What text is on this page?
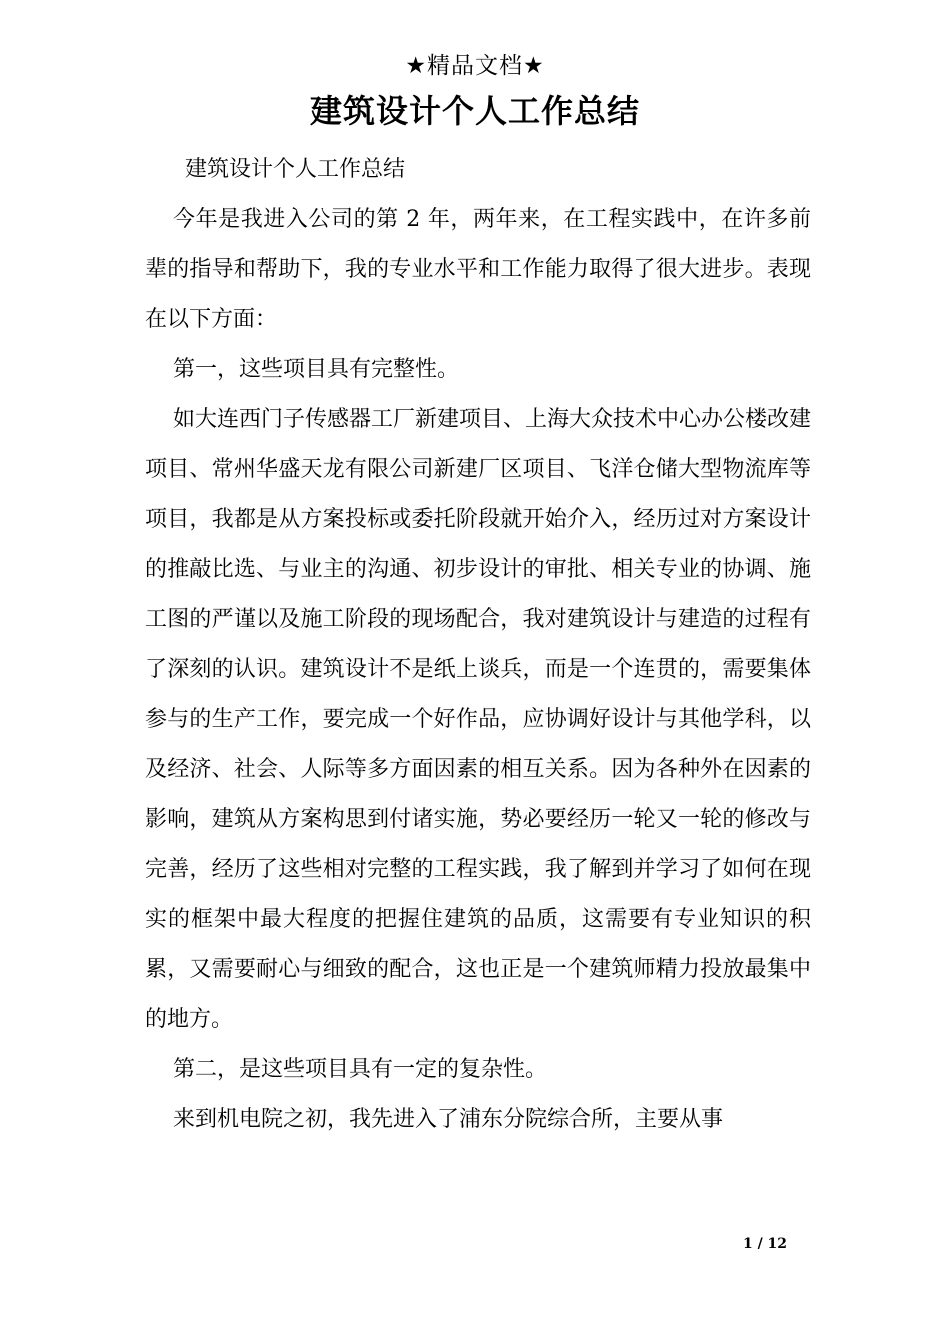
★精品文档★
建筑设计个人工作总结

建筑设计个人工作总结

今年是我进入公司的第 2 年，两年来，在工程实践中，在许多前辈的指导和帮助下，我的专业水平和工作能力取得了很大进步。表现在以下方面：

第一，这些项目具有完整性。

如大连西门子传感器工厂新建项目、上海大众技术中心办公楼改建项目、常州华盛天龙有限公司新建厂区项目、飞洋仓储大型物流库等项目，我都是从方案投标或委托阶段就开始介入，经历过对方案设计的推敲比选、与业主的沟通、初步设计的审批、相关专业的协调、施工图的严谨以及施工阶段的现场配合，我对建筑设计与建造的过程有了深刻的认识。建筑设计不是纸上谈兵，而是一个连贯的，需要集体参与的生产工作，要完成一个好作品，应协调好设计与其他学科，以及经济、社会、人际等多方面因素的相互关系。因为各种外在因素的影响，建筑从方案构思到付诸实施，势必要经历一轮又一轮的修改与完善，经历了这些相对完整的工程实践，我了解到并学习了如何在现实的框架中最大程度的把握住建筑的品质，这需要有专业知识的积累，又需要耐心与细致的配合，这也正是一个建筑师精力投放最集中的地方。

第二，是这些项目具有一定的复杂性。

来到机电院之初，我先进入了浦东分院综合所，主要从事

1 / 12
